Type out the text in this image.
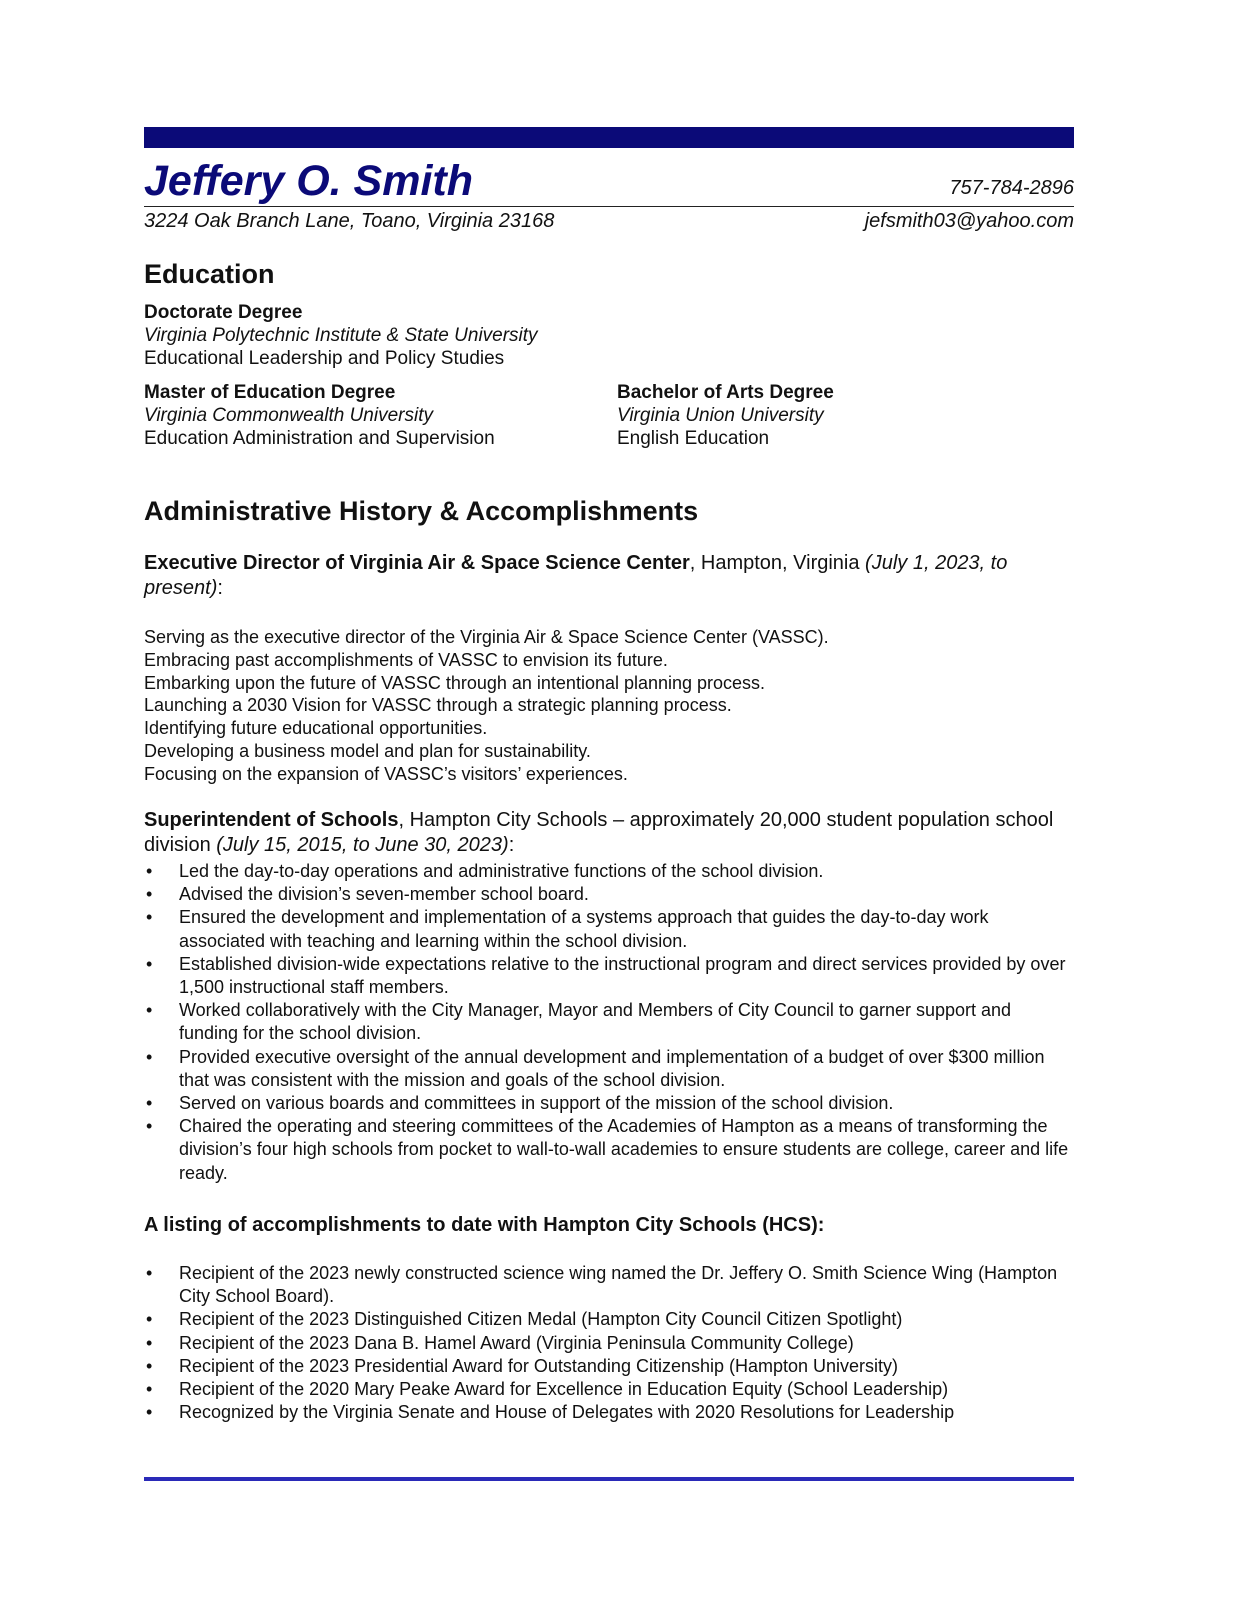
Jeffery O. Smith	757-784-2896
3224 Oak Branch Lane, Toano, Virginia 23168	jefsmith03@yahoo.com
Education
Doctorate Degree
Virginia Polytechnic Institute & State University
Educational Leadership and Policy Studies
Master of Education Degree
Virginia Commonwealth University
Education Administration and Supervision
Bachelor of Arts Degree
Virginia Union University
English Education
Administrative History & Accomplishments
Executive Director of Virginia Air & Space Science Center, Hampton, Virginia (July 1, 2023, to present):
Serving as the executive director of the Virginia Air & Space Science Center (VASSC).
Embracing past accomplishments of VASSC to envision its future.
Embarking upon the future of VASSC through an intentional planning process.
Launching a 2030 Vision for VASSC through a strategic planning process.
Identifying future educational opportunities.
Developing a business model and plan for sustainability.
Focusing on the expansion of VASSC’s visitors’ experiences.
Superintendent of Schools, Hampton City Schools – approximately 20,000 student population school division (July 15, 2015, to June 30, 2023):
• Led the day-to-day operations and administrative functions of the school division.
• Advised the division’s seven-member school board.
• Ensured the development and implementation of a systems approach that guides the day-to-day work associated with teaching and learning within the school division.
• Established division-wide expectations relative to the instructional program and direct services provided by over 1,500 instructional staff members.
• Worked collaboratively with the City Manager, Mayor and Members of City Council to garner support and funding for the school division.
• Provided executive oversight of the annual development and implementation of a budget of over $300 million that was consistent with the mission and goals of the school division.
• Served on various boards and committees in support of the mission of the school division.
• Chaired the operating and steering committees of the Academies of Hampton as a means of transforming the division’s four high schools from pocket to wall-to-wall academies to ensure students are college, career and life ready.
A listing of accomplishments to date with Hampton City Schools (HCS):
• Recipient of the 2023 newly constructed science wing named the Dr. Jeffery O. Smith Science Wing (Hampton City School Board).
• Recipient of the 2023 Distinguished Citizen Medal (Hampton City Council Citizen Spotlight)
• Recipient of the 2023 Dana B. Hamel Award (Virginia Peninsula Community College)
• Recipient of the 2023 Presidential Award for Outstanding Citizenship (Hampton University)
• Recipient of the 2020 Mary Peake Award for Excellence in Education Equity (School Leadership)
• Recognized by the Virginia Senate and House of Delegates with 2020 Resolutions for Leadership
